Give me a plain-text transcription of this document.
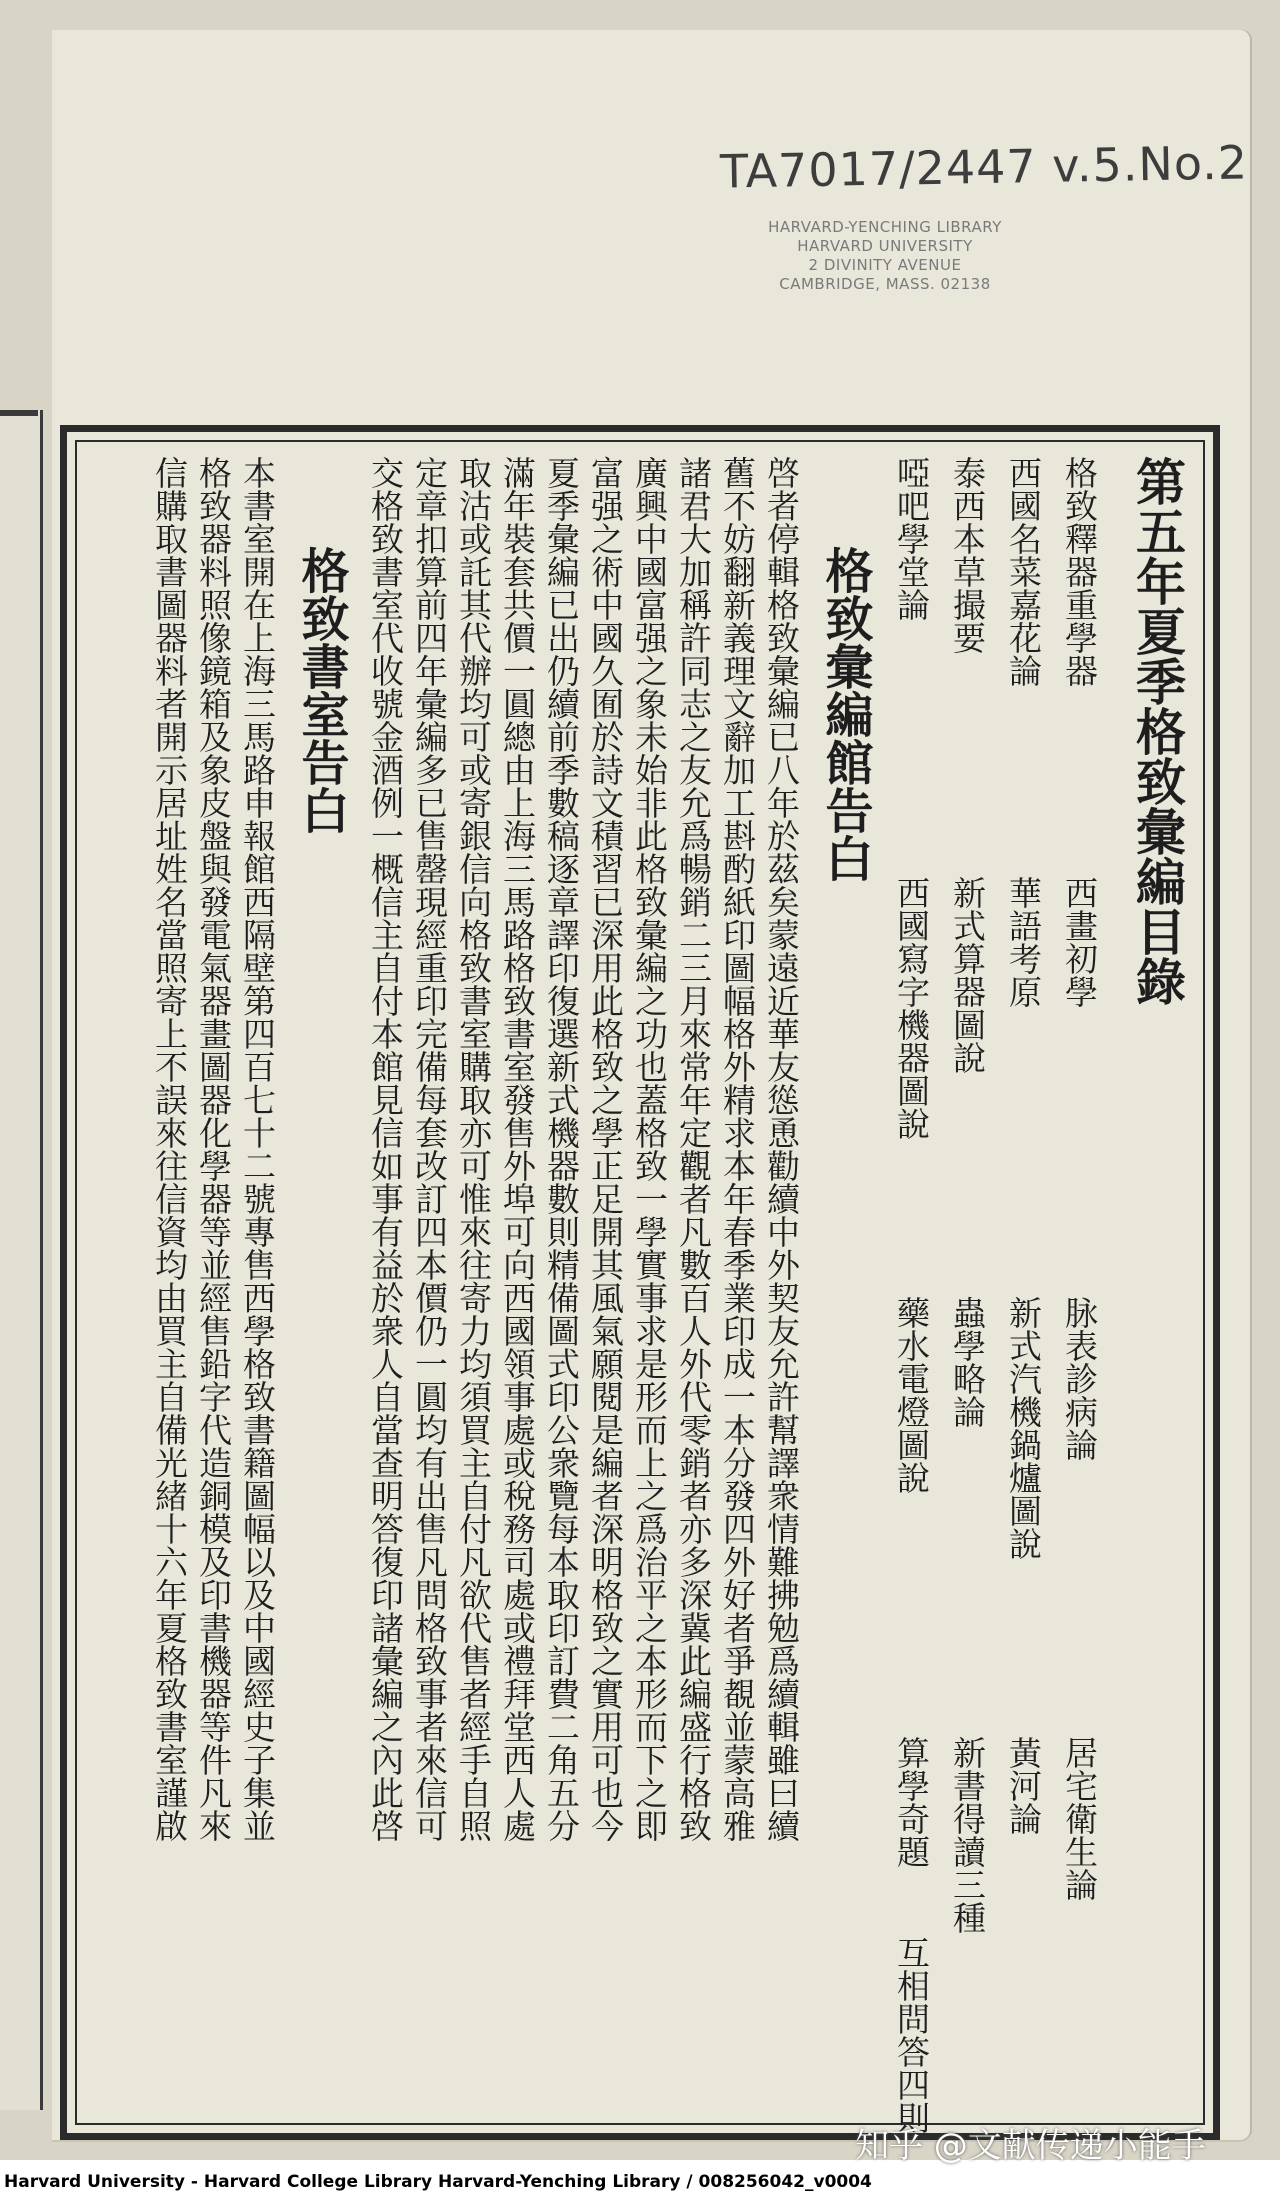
TA7017/2447 v.5.No.2
HARVARD-YENCHING LIBRARY
HARVARD UNIVERSITY
2 DIVINITY AVENUE
CAMBRIDGE, MASS. 02138
第五年夏季格致彙編目錄
格致釋器重學器西畫初學脉表診病論居宅衛生論
西國名菜嘉花論華語考原新式汽機鍋爐圖說黃河論
泰西本草撮要新式算器圖說蟲學略論新書得讀三種
啞吧學堂論西國寫字機器圖說藥水電燈圖說算學奇題互相問答四則
格致彙編館告白
啓者停輯格致彙編已八年於茲矣蒙遠近華友慫恿勸續中外契友允許幫譯衆情難拂勉爲續輯雖曰續
舊不妨翻新義理文辭加工斟酌紙印圖幅格外精求本年春季業印成一本分發四外好者爭覩並蒙高雅
諸君大加稱許同志之友允爲暢銷二三月來常年定觀者凡數百人外代零銷者亦多深冀此編盛行格致
廣興中國富强之象未始非此格致彙編之功也蓋格致一學實事求是形而上之爲治平之本形而下之即
富强之術中國久囿於詩文積習已深用此格致之學正足開其風氣願閱是編者深明格致之實用可也今
夏季彙編已出仍續前季數稿逐章譯印復選新式機器數則精備圖式印公衆覽每本取印訂費二角五分
滿年裝套共價一圓總由上海三馬路格致書室發售外埠可向西國領事處或稅務司處或禮拜堂西人處
取沽或託其代辦均可或寄銀信向格致書室購取亦可惟來往寄力均須買主自付凡欲代售者經手自照
定章扣算前四年彙編多已售罄現經重印完備每套改訂四本價仍一圓均有出售凡問格致事者來信可
交格致書室代收號金酒例一概信主自付本館見信如事有益於衆人自當查明答復印諸彙編之內此啓
格致書室告白
本書室開在上海三馬路申報館西隔壁第四百七十二號專售西學格致書籍圖幅以及中國經史子集並
格致器料照像鏡箱及象皮盤與發電氣器畫圖器化學器等並經售鉛字代造銅模及印書機器等件凡來
信購取書圖器料者開示居址姓名當照寄上不誤來往信資均由買主自備光緒十六年夏格致書室謹啟
知乎 @文献传递小能手
Harvard University - Harvard College Library Harvard-Yenching Library / 008256042_v0004
